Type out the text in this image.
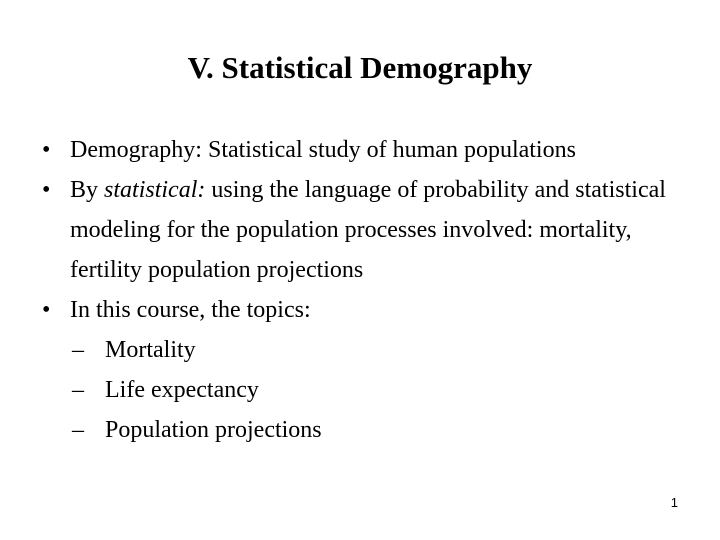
V. Statistical Demography
• Demography: Statistical study of human populations
• By statistical: using the language of probability and statistical modeling for the population processes involved: mortality, fertility population projections
• In this course, the topics:
– Mortality
– Life expectancy
– Population projections
1
